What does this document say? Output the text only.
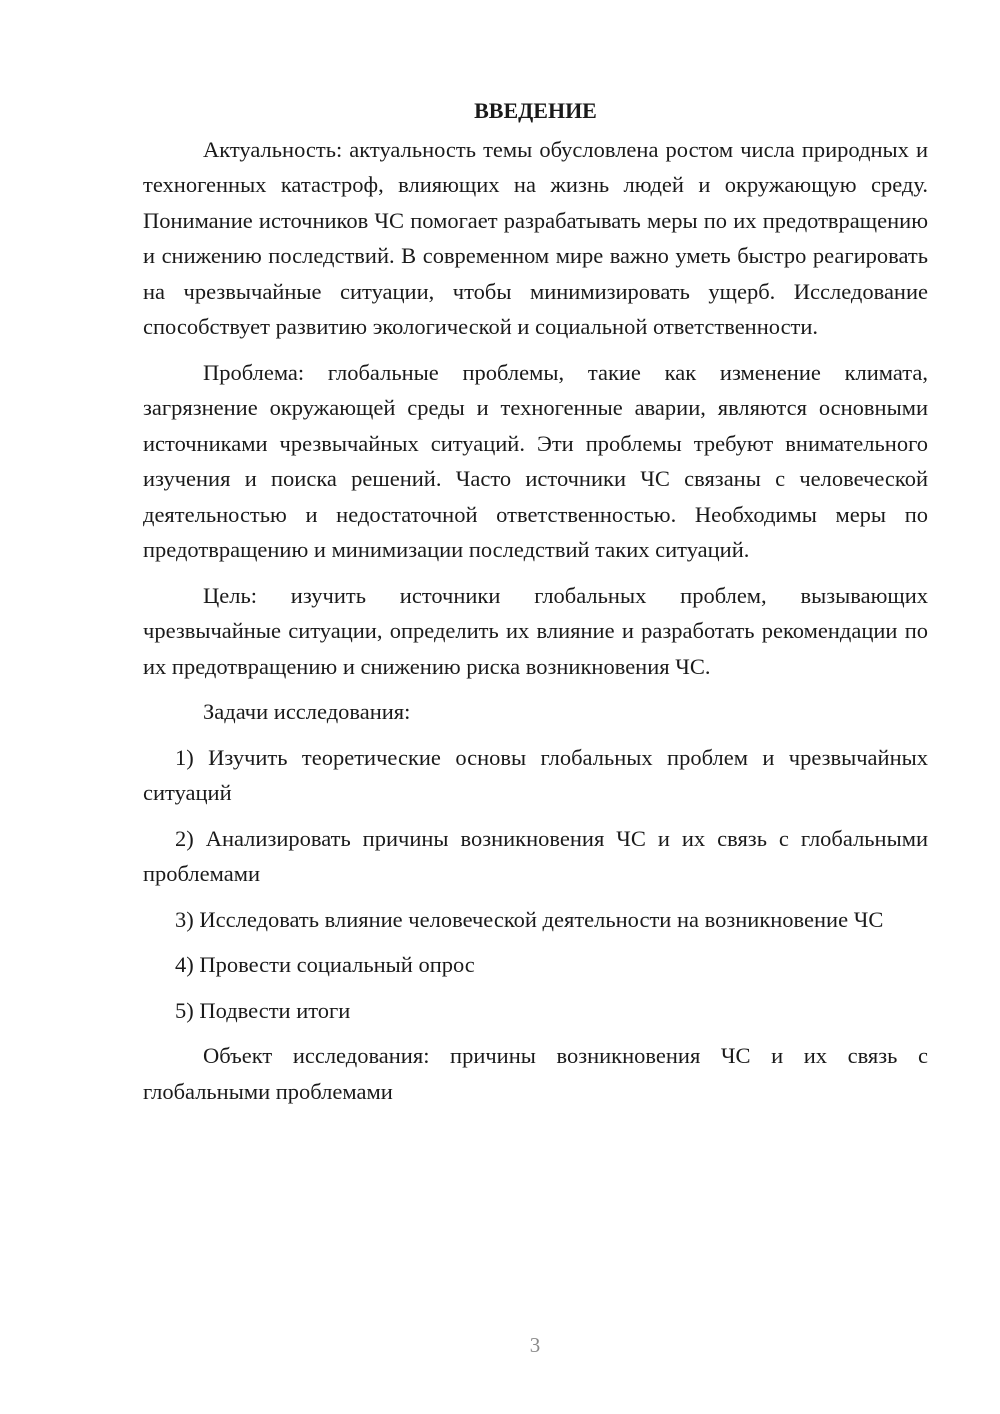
ВВЕДЕНИЕ

Актуальность: актуальность темы обусловлена ростом числа природных и техногенных катастроф, влияющих на жизнь людей и окружающую среду. Понимание источников ЧС помогает разрабатывать меры по их предотвращению и снижению последствий. В современном мире важно уметь быстро реагировать на чрезвычайные ситуации, чтобы минимизировать ущерб. Исследование способствует развитию экологической и социальной ответственности.

Проблема: глобальные проблемы, такие как изменение климата, загрязнение окружающей среды и техногенные аварии, являются основными источниками чрезвычайных ситуаций. Эти проблемы требуют внимательного изучения и поиска решений. Часто источники ЧС связаны с человеческой деятельностью и недостаточной ответственностью. Необходимы меры по предотвращению и минимизации последствий таких ситуаций.

Цель: изучить источники глобальных проблем, вызывающих чрезвычайные ситуации, определить их влияние и разработать рекомендации по их предотвращению и снижению риска возникновения ЧС.

Задачи исследования:

1) Изучить теоретические основы глобальных проблем и чрезвычайных ситуаций

2) Анализировать причины возникновения ЧС и их связь с глобальными проблемами

3) Исследовать влияние человеческой деятельности на возникновение ЧС

4) Провести социальный опрос

5) Подвести итоги

Объект исследования: причины возникновения ЧС и их связь с глобальными проблемами

3
